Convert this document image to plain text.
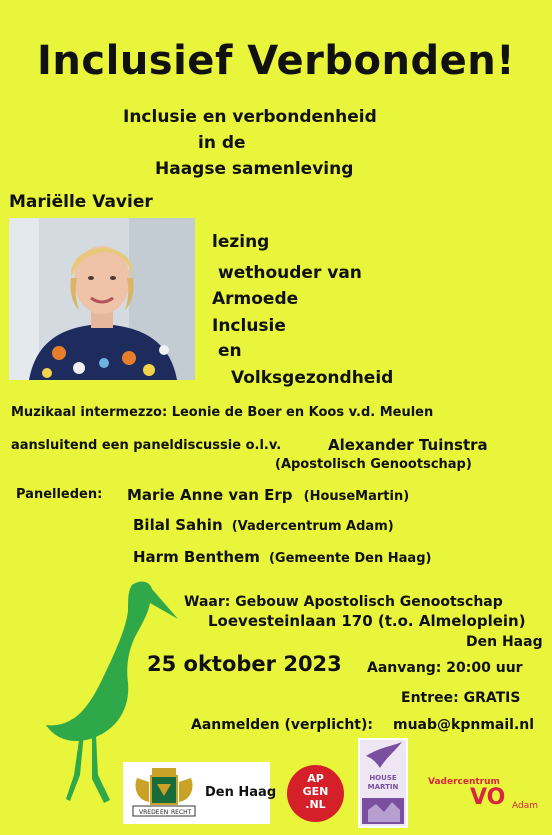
Inclusief Verbonden!
Inclusie en verbondenheid
in de
Haagse samenleving
Mariëlle Vavier
lezing
wethouder van
Armoede
Inclusie
en
Volksgezondheid
Muzikaal intermezzo: Leonie de Boer en Koos v.d. Meulen
aansluitend een paneldiscussie o.l.v.	Alexander Tuinstra
(Apostolisch Genootschap)
Panelleden: Marie Anne van Erp (HouseMartin)
Bilal Sahin (Vadercentrum Adam)
Harm Benthem (Gemeente Den Haag)
Waar: Gebouw Apostolisch Genootschap
Loevesteinlaan 170 (t.o. Almeloplein)
Den Haag
25 oktober 2023 Aanvang: 20:00 uur
Entree: GRATIS
Aanmelden (verplicht): muab@kpnmail.nl
VREDE EN RECHT
Den Haag
AP
GEN
.NL
HOUSE
MARTIN	Vadercentrum
VO Adam
